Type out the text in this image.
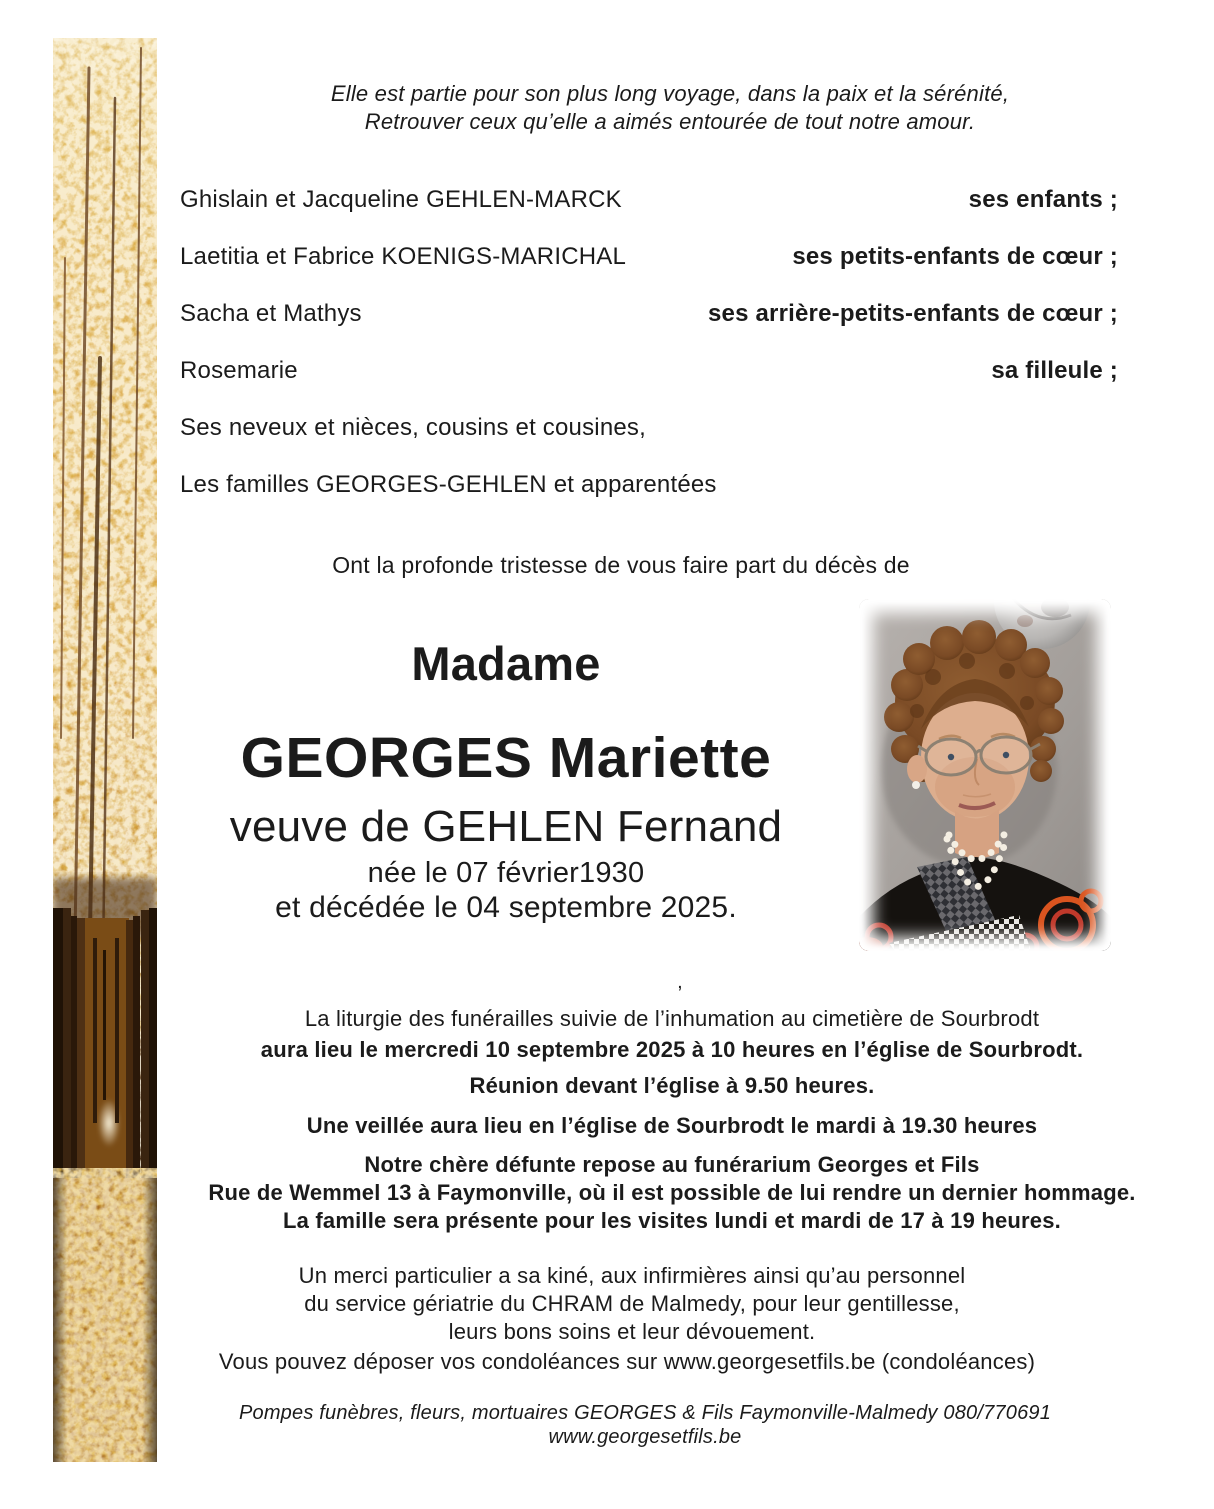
Elle est partie pour son plus long voyage, dans la paix et la sérénité,
Retrouver ceux qu’elle a aimés entourée de tout notre amour.
Ghislain et Jacqueline GEHLEN-MARCK	ses enfants ;
Laetitia et Fabrice KOENIGS-MARICHAL	ses petits-enfants de cœur ;
Sacha et Mathys	ses arrière-petits-enfants de cœur ;
Rosemarie	sa filleule ;
Ses neveux et nièces, cousins et cousines,
Les familles GEORGES-GEHLEN et apparentées
Ont la profonde tristesse de vous faire part du décès de
Madame
GEORGES Mariette
veuve de GEHLEN Fernand
née le 07 février1930
et décédée le 04 septembre 2025.
,
La liturgie des funérailles suivie de l’inhumation au cimetière de Sourbrodt
aura lieu le mercredi 10 septembre 2025 à 10 heures en l’église de Sourbrodt.
Réunion devant l’église à 9.50 heures.
Une veillée aura lieu en l’église de Sourbrodt le mardi à 19.30 heures
Notre chère défunte repose au funérarium Georges et Fils
Rue de Wemmel 13 à Faymonville, où il est possible de lui rendre un dernier hommage.
La famille sera présente pour les visites lundi et mardi de 17 à 19 heures.
Un merci particulier a sa kiné, aux infirmières ainsi qu’au personnel
du service gériatrie du CHRAM de Malmedy, pour leur gentillesse,
leurs bons soins et leur dévouement.
Vous pouvez déposer vos condoléances sur www.georgesetfils.be (condoléances)
Pompes funèbres, fleurs, mortuaires GEORGES & Fils Faymonville-Malmedy 080/770691
www.georgesetfils.be
